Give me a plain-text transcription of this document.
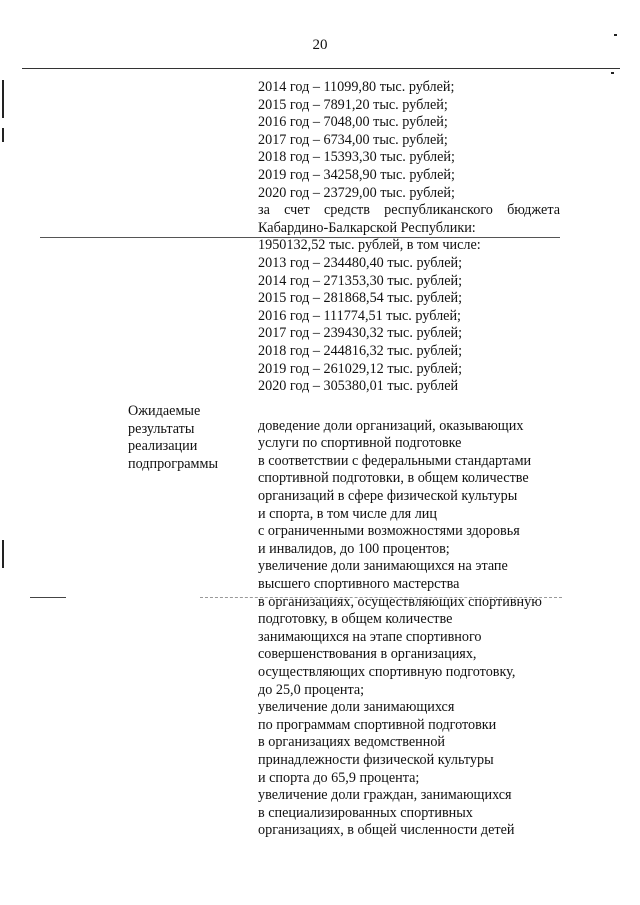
20
2014 год – 11099,80 тыс. рублей;
2015 год – 7891,20 тыс. рублей;
2016 год – 7048,00 тыс. рублей;
2017 год – 6734,00 тыс. рублей;
2018 год – 15393,30 тыс. рублей;
2019 год – 34258,90 тыс. рублей;
2020 год – 23729,00 тыс. рублей;
за счет средств республиканского бюджета
Кабардино-Балкарской Республики:
1950132,52 тыс. рублей, в том числе:
2013 год – 234480,40 тыс. рублей;
2014 год – 271353,30 тыс. рублей;
2015 год – 281868,54 тыс. рублей;
2016 год – 111774,51 тыс. рублей;
2017 год – 239430,32 тыс. рублей;
2018 год – 244816,32 тыс. рублей;
2019 год – 261029,12 тыс. рублей;
2020 год – 305380,01 тыс. рублей
доведение доли организаций, оказывающих
услуги по спортивной подготовке
в соответствии с федеральными стандартами
спортивной подготовки, в общем количестве
организаций в сфере физической культуры
и спорта, в том числе для лиц
с ограниченными возможностями здоровья
и инвалидов, до 100 процентов;
увеличение доли занимающихся на этапе
высшего спортивного мастерства
в организациях, осуществляющих спортивную
подготовку, в общем количестве
занимающихся на этапе спортивного
совершенствования в организациях,
осуществляющих спортивную подготовку,
до 25,0 процента;
увеличение доли занимающихся
по программам спортивной подготовки
в организациях ведомственной
принадлежности физической культуры
и спорта до 65,9 процента;
увеличение доли граждан, занимающихся
в специализированных спортивных
организациях, в общей численности детей
Ожидаемые
результаты
реализации
подпрограммы
